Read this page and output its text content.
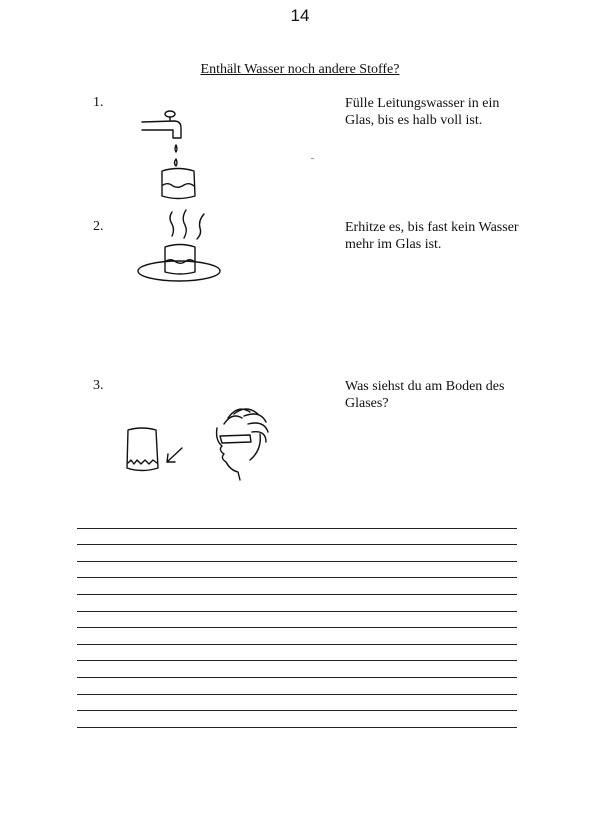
14
Enthält Wasser noch andere Stoffe?
1.	Fülle Leitungswasser in ein Glas, bis es halb voll ist.
2.	Erhitze es, bis fast kein Wasser mehr im Glas ist.
3.	Was siehst du am Boden des Glases?
